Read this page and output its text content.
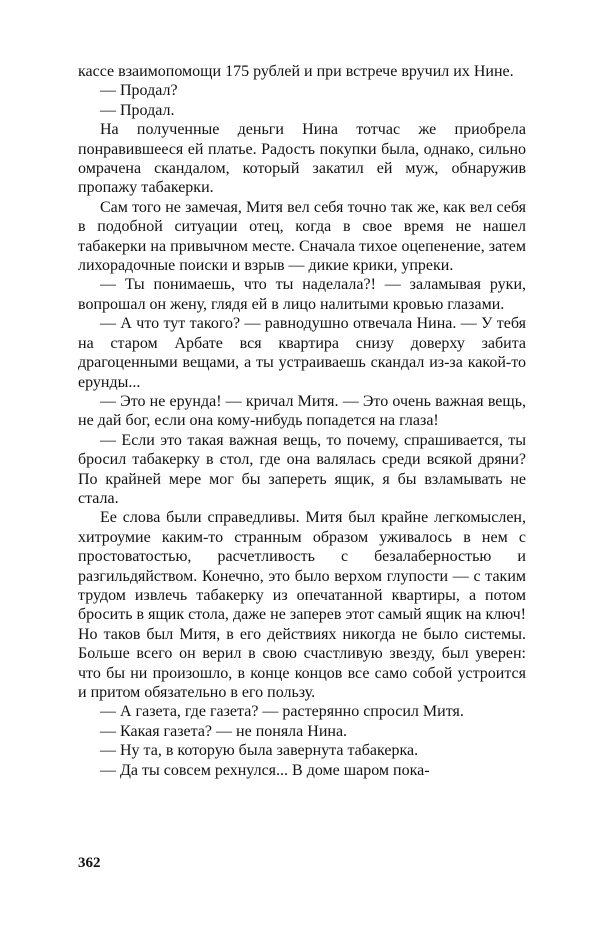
кассе взаимопомощи 175 рублей и при встрече вручил их Нине.

— Продал?

— Продал.

На полученные деньги Нина тотчас же приобрела понравившееся ей платье. Радость покупки была, однако, сильно омрачена скандалом, который закатил ей муж, обнаружив пропажу табакерки.

Сам того не замечая, Митя вел себя точно так же, как вел себя в подобной ситуации отец, когда в свое время не нашел табакерки на привычном месте. Сначала тихое оцепенение, затем лихорадочные поиски и взрыв — дикие крики, упреки.

— Ты понимаешь, что ты наделала?! — заламывая руки, вопрошал он жену, глядя ей в лицо налитыми кровью глазами.

— А что тут такого? — равнодушно отвечала Нина. — У тебя на старом Арбате вся квартира снизу доверху забита драгоценными вещами, а ты устраиваешь скандал из-за какой-то ерунды...

— Это не ерунда! — кричал Митя. — Это очень важная вещь, не дай бог, если она кому-нибудь попадется на глаза!

— Если это такая важная вещь, то почему, спрашивается, ты бросил табакерку в стол, где она валялась среди всякой дряни? По крайней мере мог бы запереть ящик, я бы взламывать не стала.

Ее слова были справедливы. Митя был крайне легкомыслен, хитроумие каким-то странным образом уживалось в нем с простоватостью, расчетливость с безалаберностью и разгильдяйством. Конечно, это было верхом глупости — с таким трудом извлечь табакерку из опечатанной квартиры, а потом бросить в ящик стола, даже не заперев этот самый ящик на ключ! Но таков был Митя, в его действиях никогда не было системы. Больше всего он верил в свою счастливую звезду, был уверен: что бы ни произошло, в конце концов все само собой устроится и притом обязательно в его пользу.

— А газета, где газета? — растерянно спросил Митя.

— Какая газета? — не поняла Нина.

— Ну та, в которую была завернута табакерка.

— Да ты совсем рехнулся... В доме шаром пока-

362
